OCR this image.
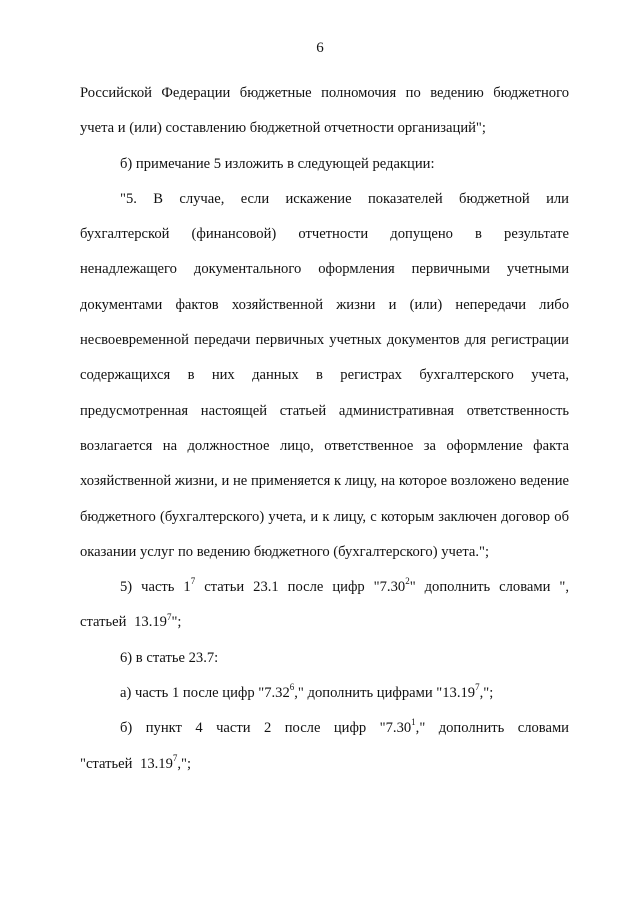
6

Российской Федерации бюджетные полномочия по ведению бюджетного учета и (или) составлению бюджетной отчетности организаций";

б) примечание 5 изложить в следующей редакции:

"5. В случае, если искажение показателей бюджетной или бухгалтерской (финансовой) отчетности допущено в результате ненадлежащего документального оформления первичными учетными документами фактов хозяйственной жизни и (или) непередачи либо несвоевременной передачи первичных учетных документов для регистрации содержащихся в них данных в регистрах бухгалтерского учета, предусмотренная настоящей статьей административная ответственность возлагается на должностное лицо, ответственное за оформление факта хозяйственной жизни, и не применяется к лицу, на которое возложено ведение бюджетного (бухгалтерского) учета, и к лицу, с которым заключен договор об оказании услуг по ведению бюджетного (бухгалтерского) учета.";

5) часть $1^7$ статьи 23.1 после цифр "7.30$^2$" дополнить словами ", статьей 13.19$^7$";

6) в статье 23.7:

а) часть 1 после цифр "7.32$^6$," дополнить цифрами "13.19$^7$,";

б) пункт 4 части 2 после цифр "7.30$^1$," дополнить словами "статьей 13.19$^7$,";
